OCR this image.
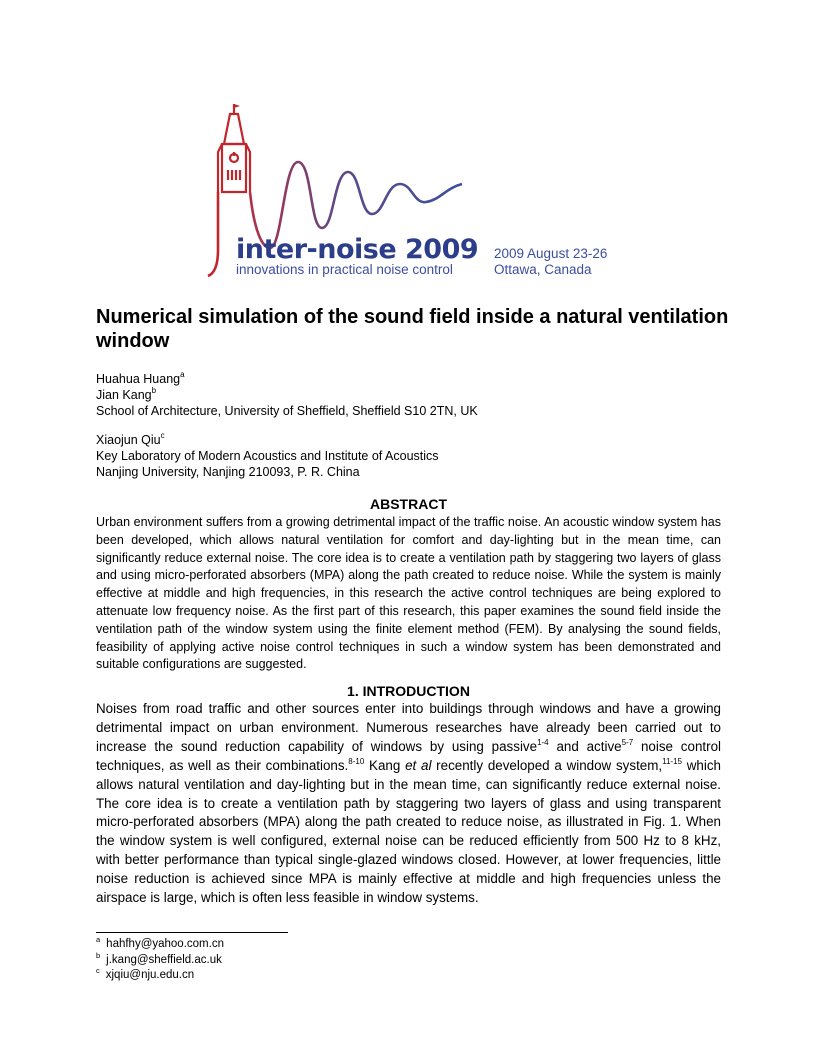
inter-noise 2009
innovations in practical noise control
2009 August 23-26
Ottawa, Canada
Numerical simulation of the sound field inside a natural ventilation window
Huahua Huang$^a$
Jian Kang$^b$
School of Architecture, University of Sheffield, Sheffield S10 2TN, UK
Xiaojun Qiu$^c$
Key Laboratory of Modern Acoustics and Institute of Acoustics
Nanjing University, Nanjing 210093, P. R. China
ABSTRACT

Urban environment suffers from a growing detrimental impact of the traffic noise. An acoustic window system has been developed, which allows natural ventilation for comfort and day-lighting but in the mean time, can significantly reduce external noise. The core idea is to create a ventilation path by staggering two layers of glass and using micro-perforated absorbers (MPA) along the path created to reduce noise. While the system is mainly effective at middle and high frequencies, in this research the active control techniques are being explored to attenuate low frequency noise. As the first part of this research, this paper examines the sound field inside the ventilation path of the window system using the finite element method (FEM). By analysing the sound fields, feasibility of applying active noise control techniques in such a window system has been demonstrated and suitable configurations are suggested.

1. INTRODUCTION

Noises from road traffic and other sources enter into buildings through windows and have a growing detrimental impact on urban environment. Numerous researches have already been carried out to increase the sound reduction capability of windows by using passive$^{1-4}$ and active$^{5-7}$ noise control techniques, as well as their combinations.$^{8-10}$ Kang et al recently developed a window system,$^{11-15}$ which allows natural ventilation and day-lighting but in the mean time, can significantly reduce external noise. The core idea is to create a ventilation path by staggering two layers of glass and using transparent micro-perforated absorbers (MPA) along the path created to reduce noise, as illustrated in Fig. 1. When the window system is well configured, external noise can be reduced efficiently from 500 Hz to 8 kHz, with better performance than typical single-glazed windows closed. However, at lower frequencies, little noise reduction is achieved since MPA is mainly effective at middle and high frequencies unless the airspace is large, which is often less feasible in window systems.

$^a$ hahfhy@yahoo.com.cn
$^b$ j.kang@sheffield.ac.uk
$^c$ xjqiu@nju.edu.cn
